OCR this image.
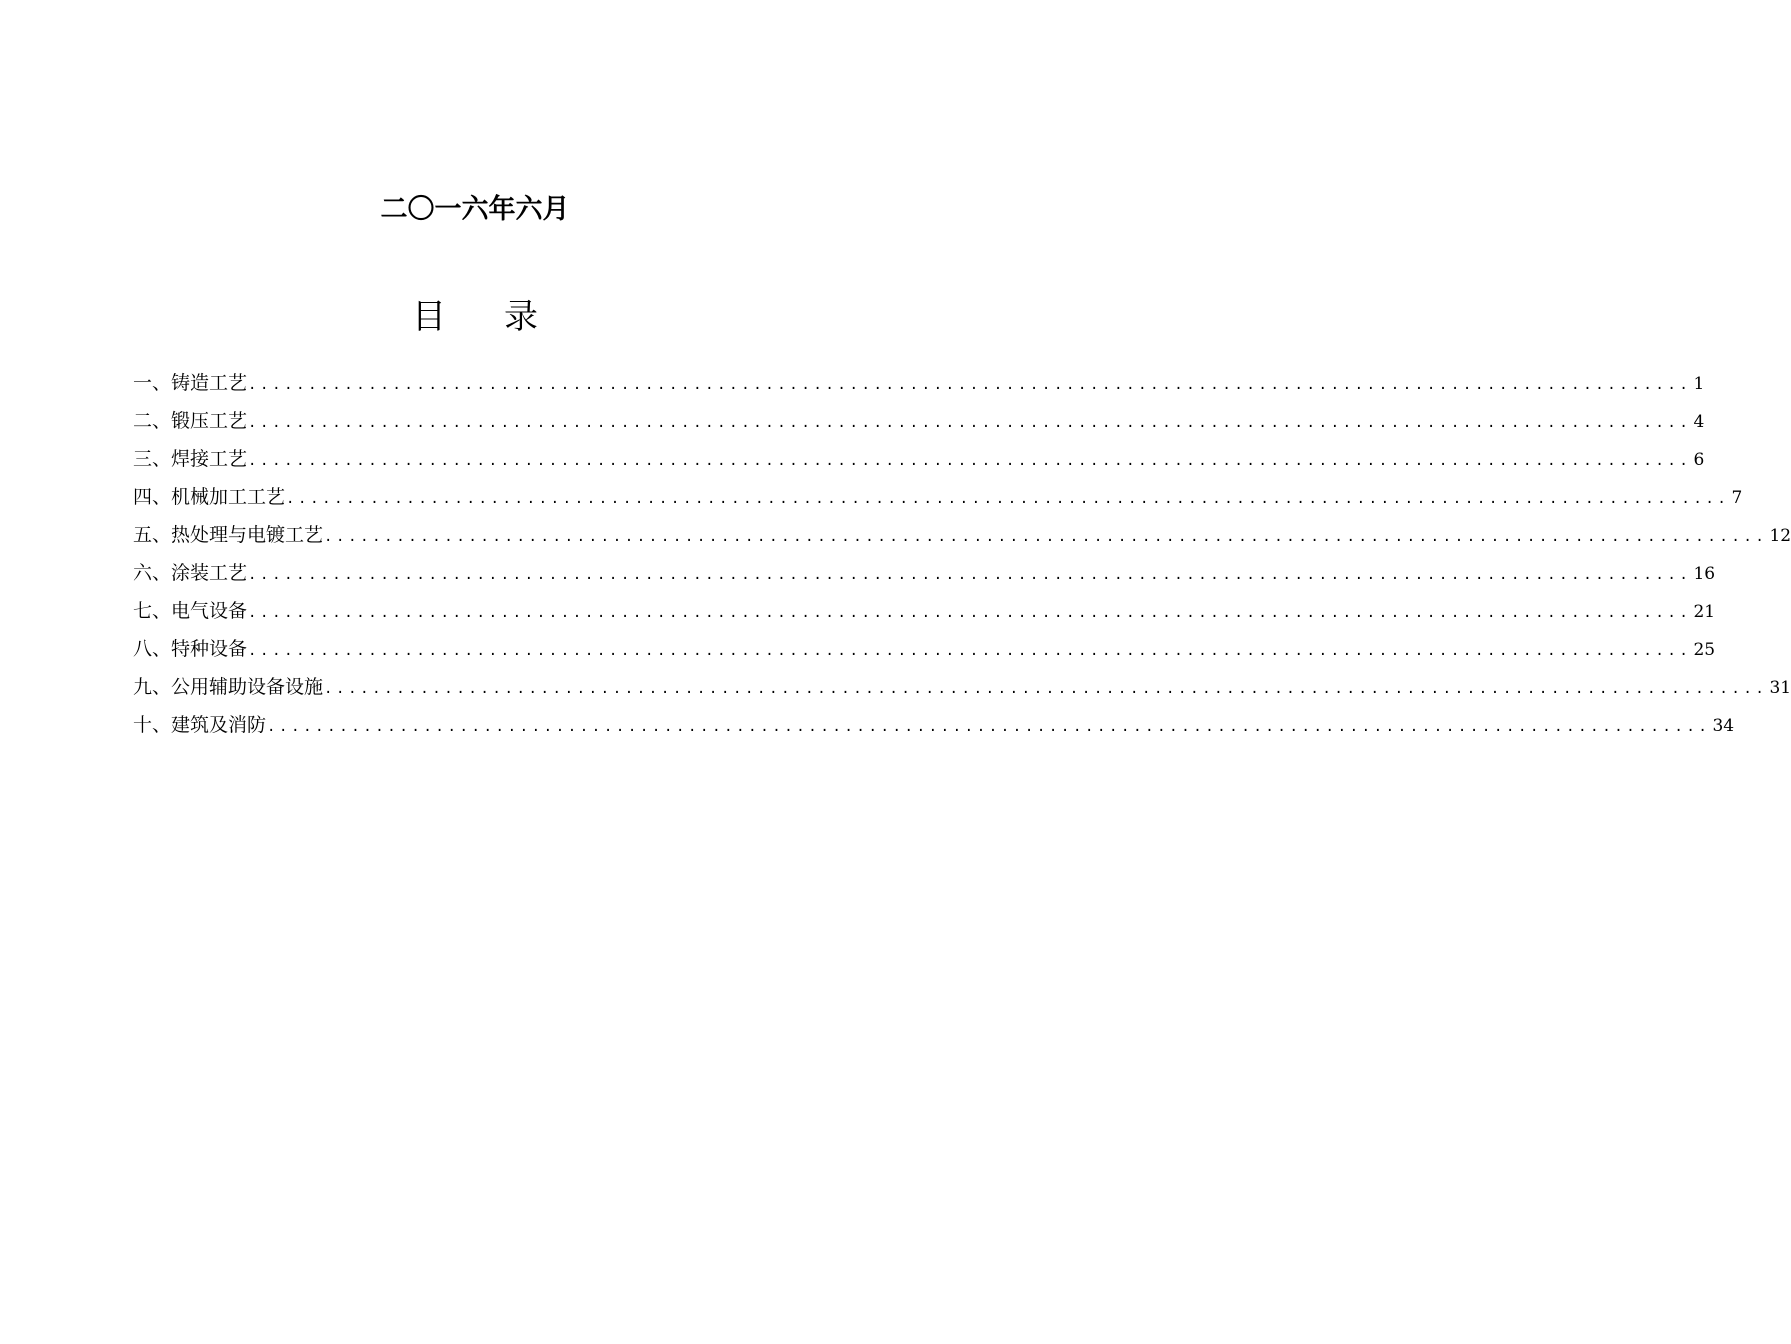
二〇一六年六月
目 录
一、铸造工艺 ........................................................................................................................ 1
二、锻压工艺 ........................................................................................................................ 4
三、焊接工艺 ........................................................................................................................ 6
四、机械加工工艺 ........................................................................................................................ 7
五、热处理与电镀工艺 ........................................................................................................................ 12
六、涂装工艺 ........................................................................................................................ 16
七、电气设备 ........................................................................................................................ 21
八、特种设备 ........................................................................................................................ 25
九、公用辅助设备设施 ........................................................................................................................ 31
十、建筑及消防 ........................................................................................................................ 34
